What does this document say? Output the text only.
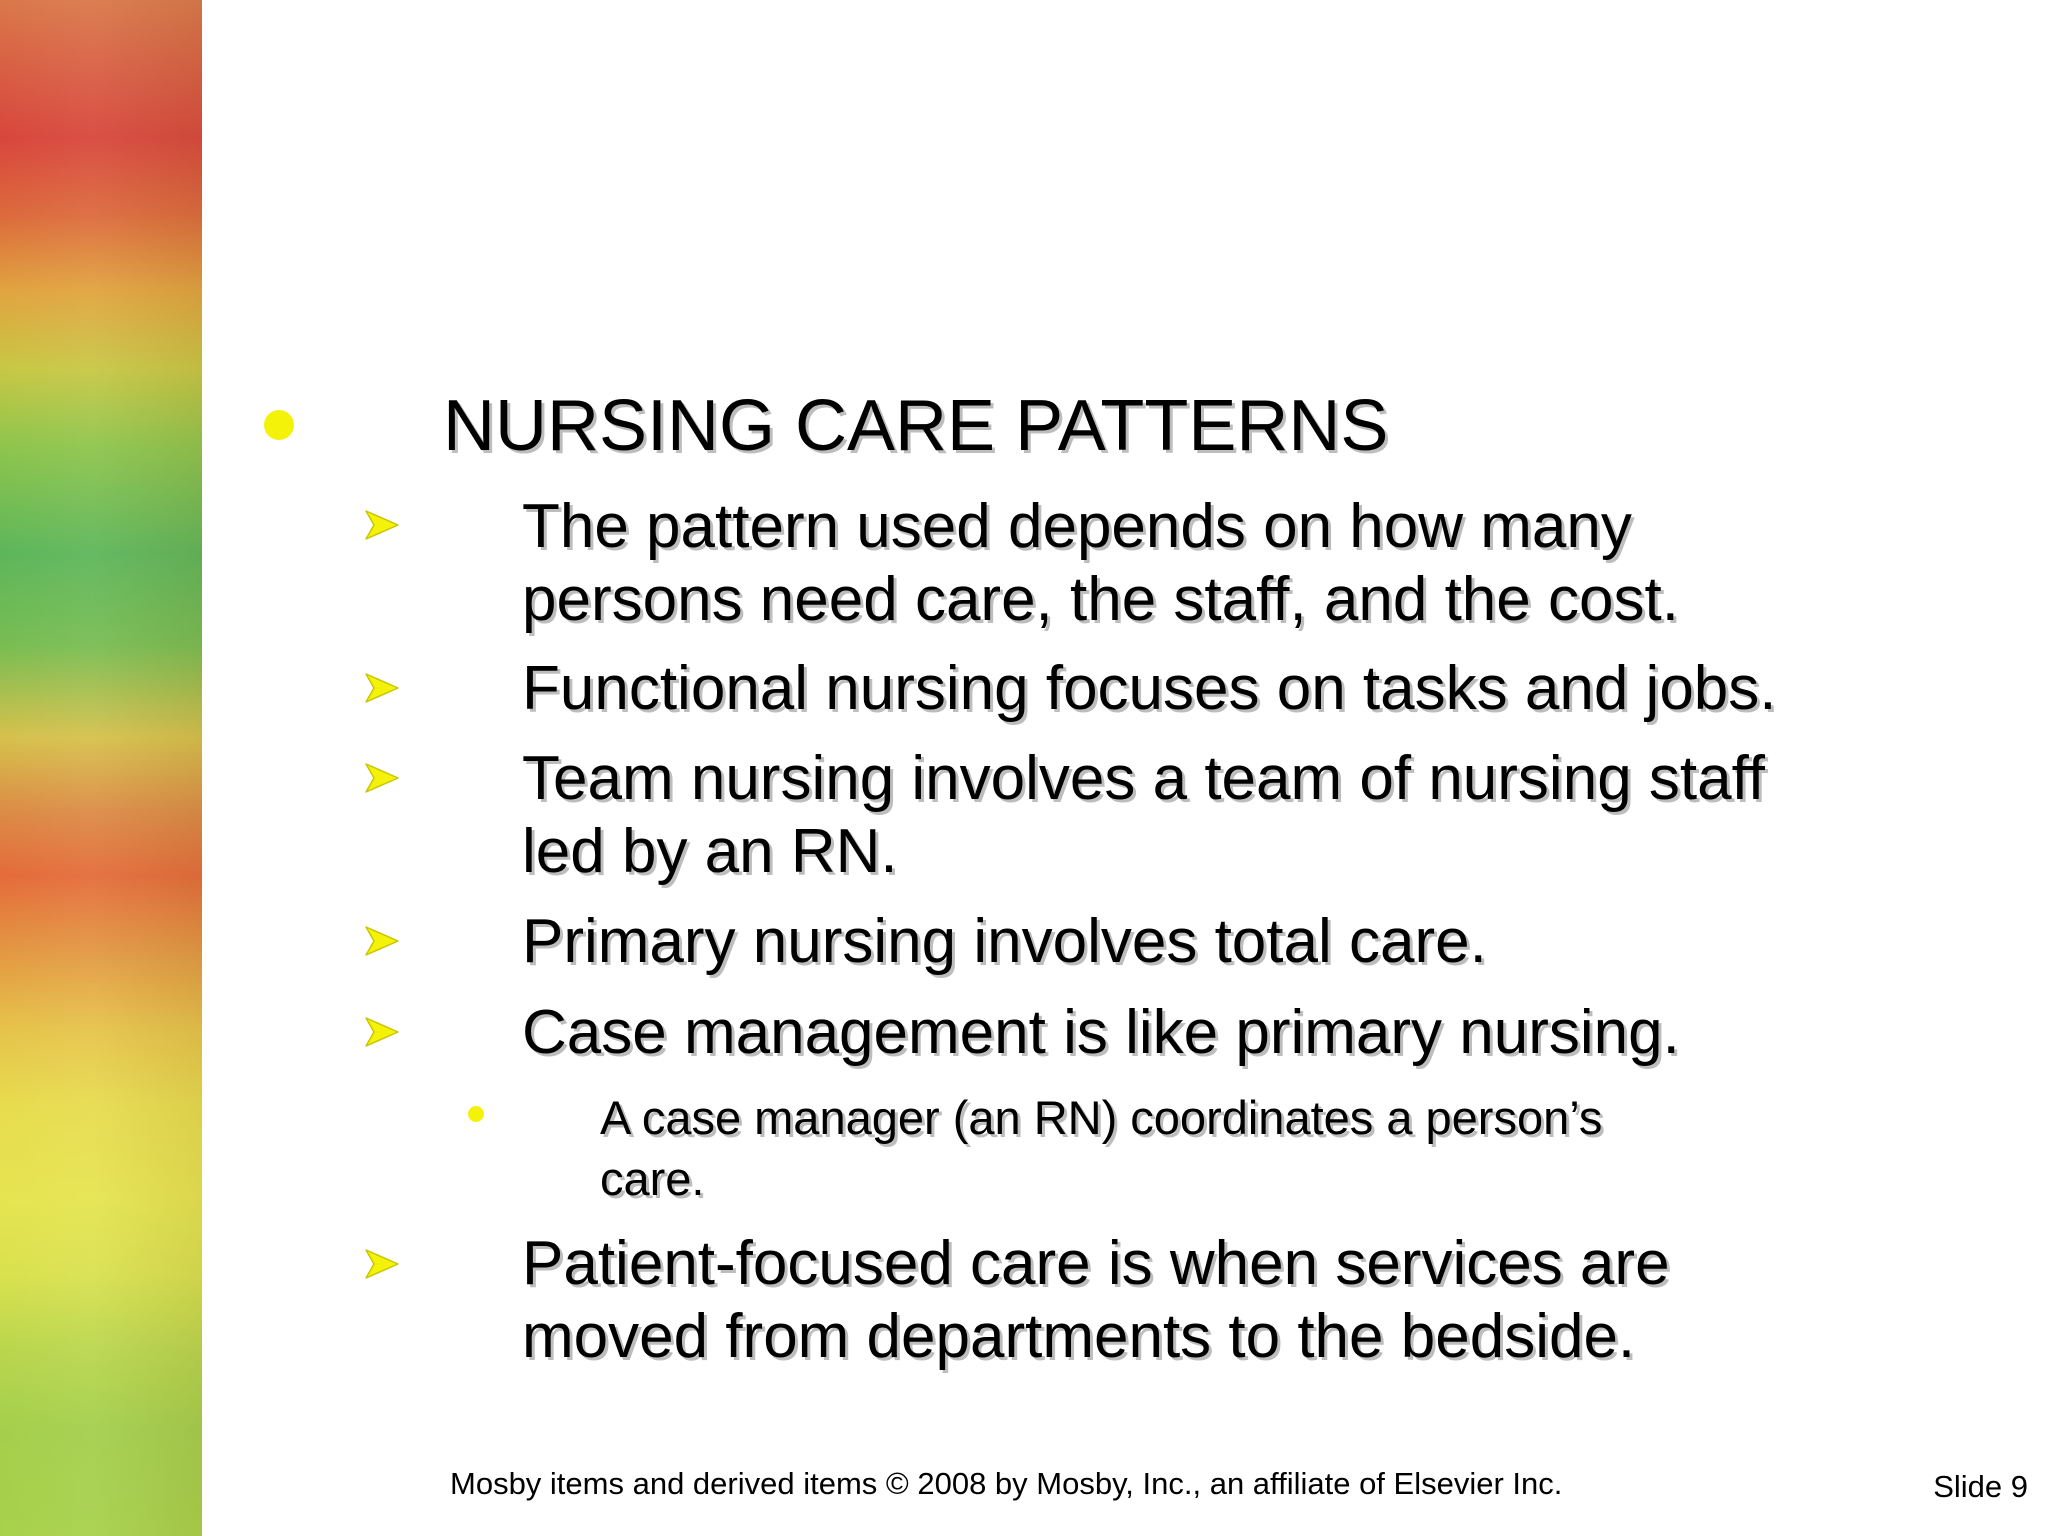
NURSING CARE PATTERNS
The pattern used depends on how many
persons need care, the staff, and the cost.
Functional nursing focuses on tasks and jobs.
Team nursing involves a team of nursing staff
led by an RN.
Primary nursing involves total care.
Case management is like primary nursing.
A case manager (an RN) coordinates a person’s
care.
Patient-focused care is when services are
moved from departments to the bedside.
Mosby items and derived items © 2008 by Mosby, Inc., an affiliate of Elsevier Inc.	Slide 9
